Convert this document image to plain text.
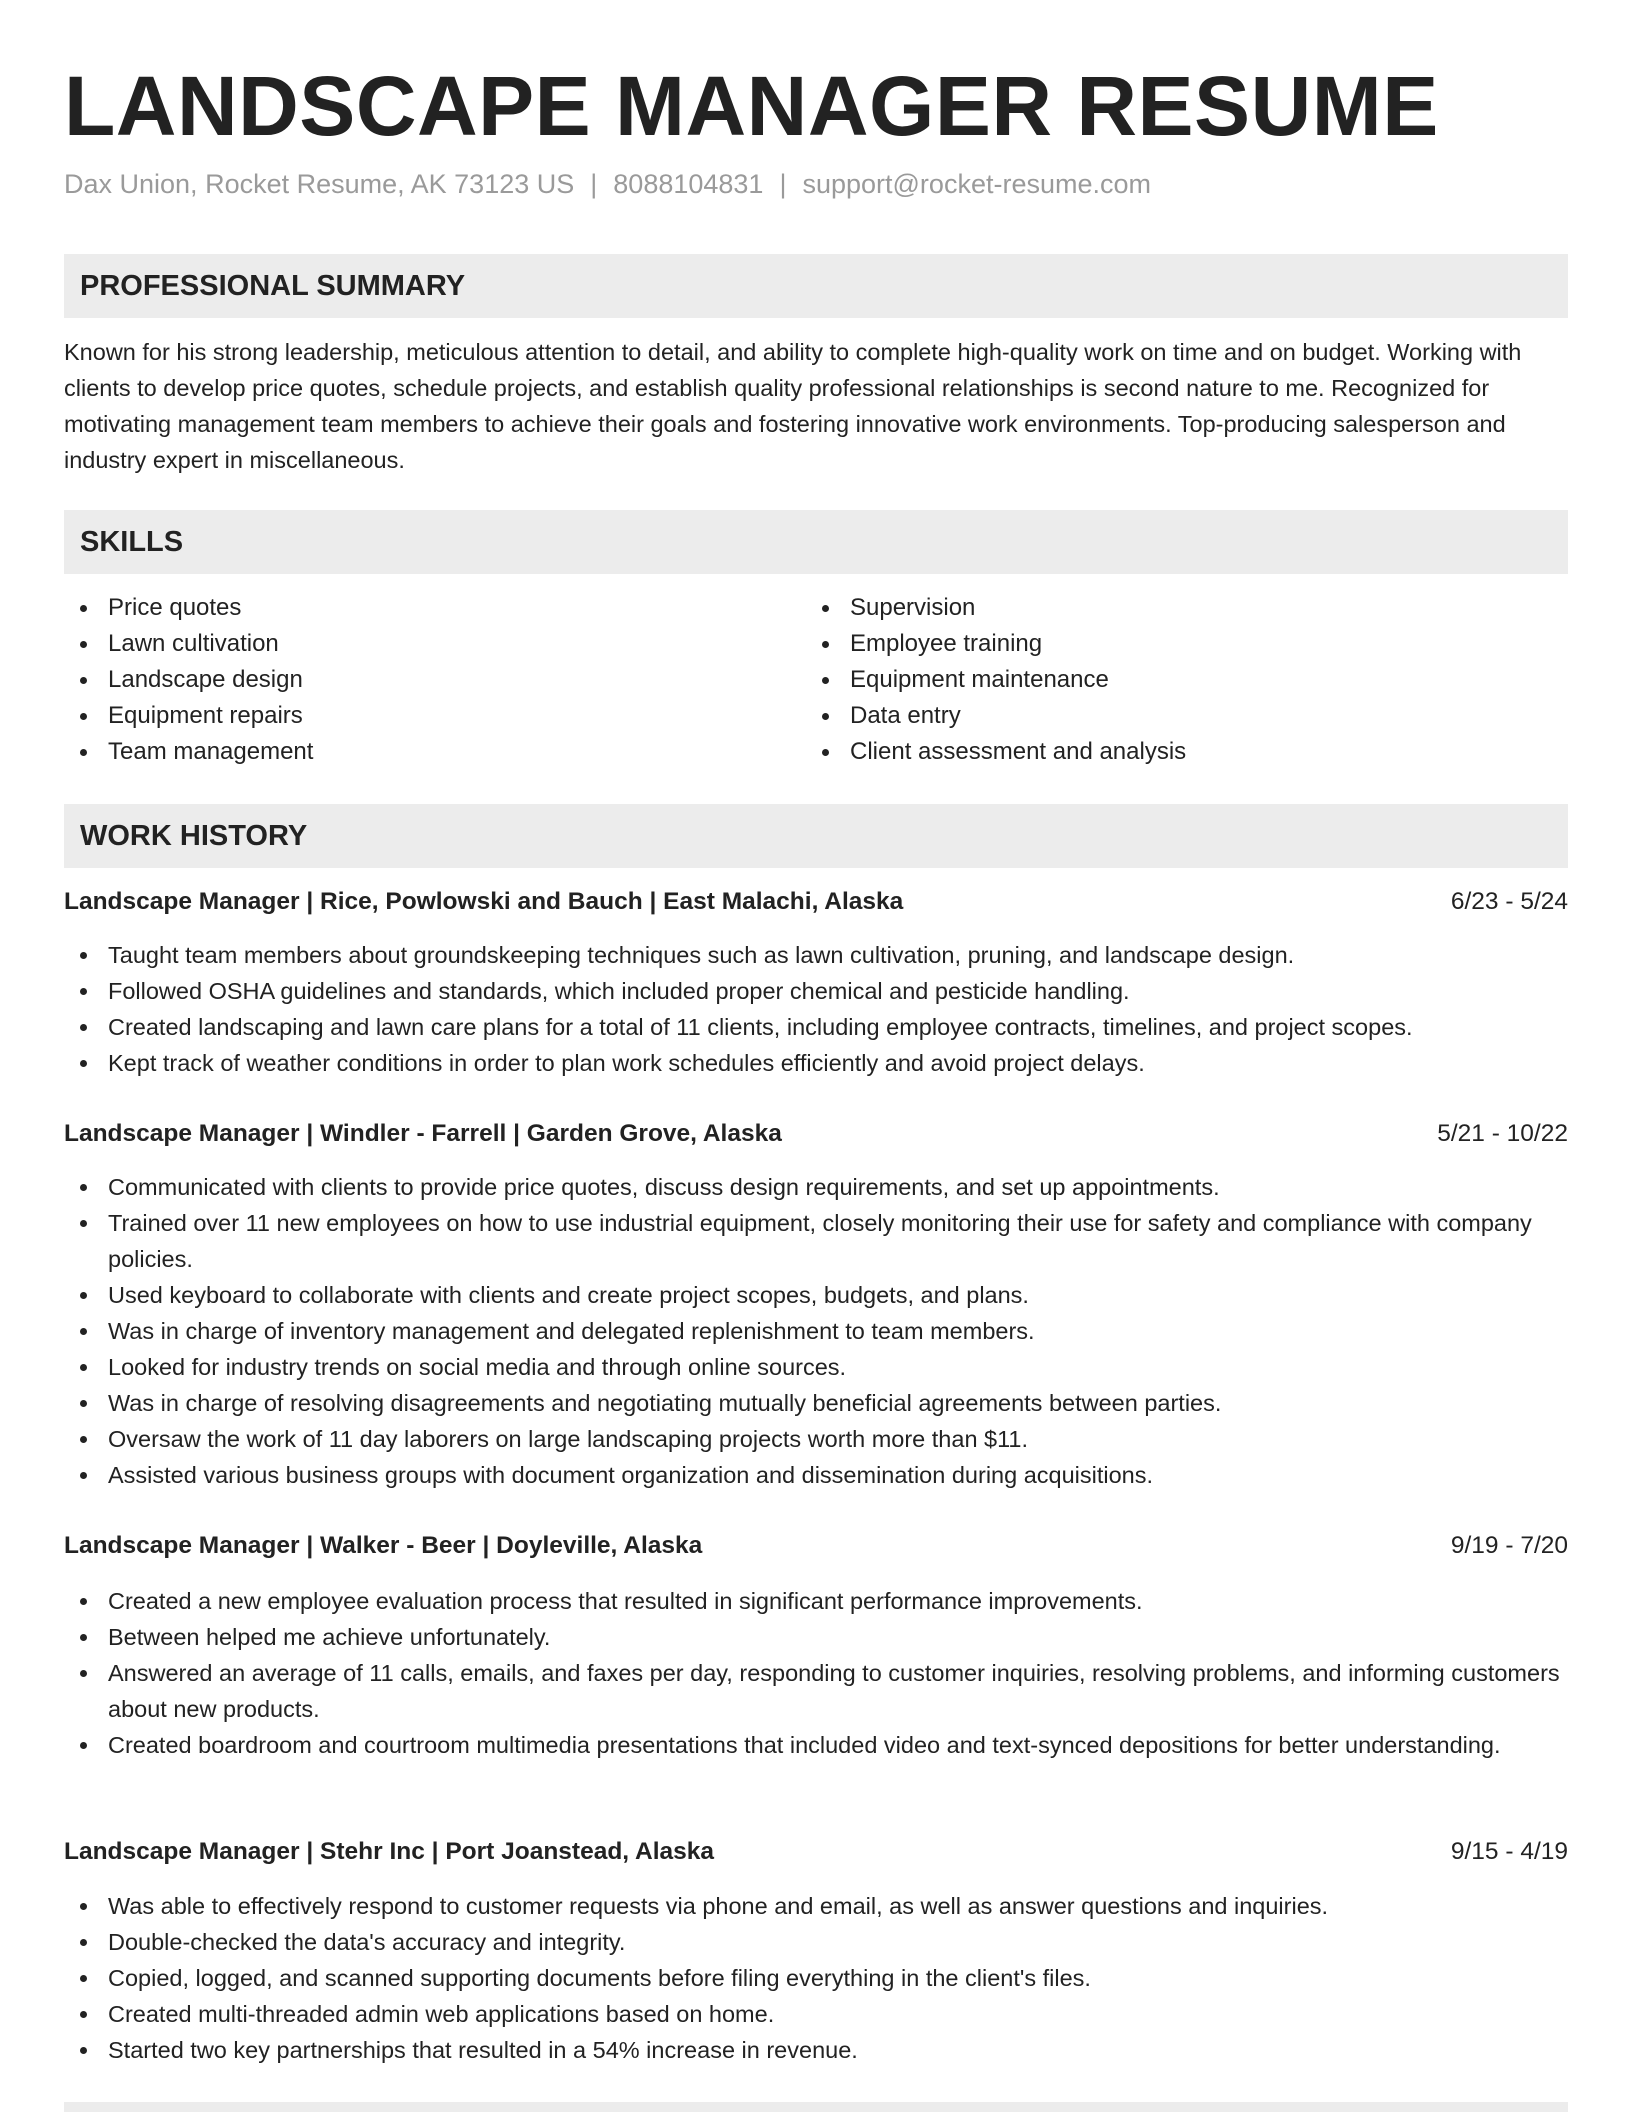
LANDSCAPE MANAGER RESUME
Dax Union, Rocket Resume, AK 73123 US | 8088104831 | support@rocket-resume.com
PROFESSIONAL SUMMARY

Known for his strong leadership, meticulous attention to detail, and ability to complete high-quality work on time and on budget. Working with clients to develop price quotes, schedule projects, and establish quality professional relationships is second nature to me. Recognized for motivating management team members to achieve their goals and fostering innovative work environments. Top-producing salesperson and industry expert in miscellaneous.

SKILLS
Price quotes
Lawn cultivation
Landscape design
Equipment repairs
Team management
Supervision
Employee training
Equipment maintenance
Data entry
Client assessment and analysis
WORK HISTORY
Landscape Manager | Rice, Powlowski and Bauch | East Malachi, Alaska	6/23 - 5/24
Taught team members about groundskeeping techniques such as lawn cultivation, pruning, and landscape design.
Followed OSHA guidelines and standards, which included proper chemical and pesticide handling.
Created landscaping and lawn care plans for a total of 11 clients, including employee contracts, timelines, and project scopes.
Kept track of weather conditions in order to plan work schedules efficiently and avoid project delays.
Landscape Manager | Windler - Farrell | Garden Grove, Alaska	5/21 - 10/22
Communicated with clients to provide price quotes, discuss design requirements, and set up appointments.
Trained over 11 new employees on how to use industrial equipment, closely monitoring their use for safety and compliance with company policies.
Used keyboard to collaborate with clients and create project scopes, budgets, and plans.
Was in charge of inventory management and delegated replenishment to team members.
Looked for industry trends on social media and through online sources.
Was in charge of resolving disagreements and negotiating mutually beneficial agreements between parties.
Oversaw the work of 11 day laborers on large landscaping projects worth more than $11.
Assisted various business groups with document organization and dissemination during acquisitions.
Landscape Manager | Walker - Beer | Doyleville, Alaska	9/19 - 7/20
Created a new employee evaluation process that resulted in significant performance improvements.
Between helped me achieve unfortunately.
Answered an average of 11 calls, emails, and faxes per day, responding to customer inquiries, resolving problems, and informing customers about new products.
Created boardroom and courtroom multimedia presentations that included video and text-synced depositions for better understanding.
Landscape Manager | Stehr Inc | Port Joanstead, Alaska	9/15 - 4/19
Was able to effectively respond to customer requests via phone and email, as well as answer questions and inquiries.
Double-checked the data's accuracy and integrity.
Copied, logged, and scanned supporting documents before filing everything in the client's files.
Created multi-threaded admin web applications based on home.
Started two key partnerships that resulted in a 54% increase in revenue.
